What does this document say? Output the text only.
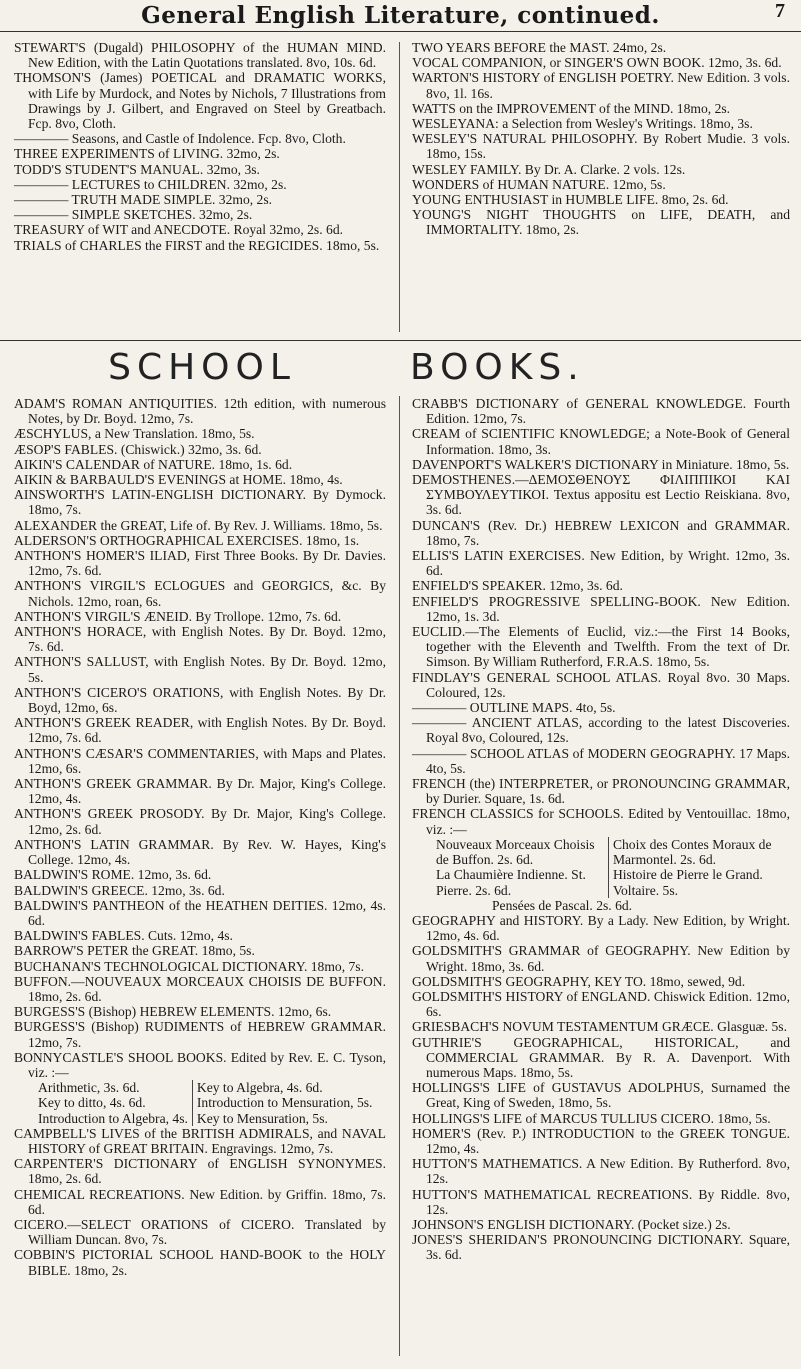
General English Literature, continued.	7

STEWART'S (Dugald) PHILOSOPHY of the HUMAN MIND. New Edition, with the Latin Quotations translated. 8vo, 10s. 6d.

THOMSON'S (James) POETICAL and DRAMATIC WORKS, with Life by Murdock, and Notes by Nichols, 7 Illustrations from Drawings by J. Gilbert, and Engraved on Steel by Greatbach. Fcp. 8vo, Cloth.

———— Seasons, and Castle of Indolence. Fcp. 8vo, Cloth.

THREE EXPERIMENTS of LIVING. 32mo, 2s.

TODD'S STUDENT'S MANUAL. 32mo, 3s.

———— LECTURES to CHILDREN. 32mo, 2s.

———— TRUTH MADE SIMPLE. 32mo, 2s.

———— SIMPLE SKETCHES. 32mo, 2s.

TREASURY of WIT and ANECDOTE. Royal 32mo, 2s. 6d.

TRIALS of CHARLES the FIRST and the REGICIDES. 18mo, 5s.

TWO YEARS BEFORE the MAST. 24mo, 2s.

VOCAL COMPANION, or SINGER'S OWN BOOK. 12mo, 3s. 6d.

WARTON'S HISTORY of ENGLISH POETRY. New Edition. 3 vols. 8vo, 1l. 16s.

WATTS on the IMPROVEMENT of the MIND. 18mo, 2s.

WESLEYANA: a Selection from Wesley's Writings. 18mo, 3s.

WESLEY'S NATURAL PHILOSOPHY. By Robert Mudie. 3 vols. 18mo, 15s.

WESLEY FAMILY. By Dr. A. Clarke. 2 vols. 12s.

WONDERS of HUMAN NATURE. 12mo, 5s.

YOUNG ENTHUSIAST in HUMBLE LIFE. 8mo, 2s. 6d.

YOUNG'S NIGHT THOUGHTS on LIFE, DEATH, and IMMORTALITY. 18mo, 2s.

SCHOOL	BOOKS.

ADAM'S ROMAN ANTIQUITIES. 12th edition, with numerous Notes, by Dr. Boyd. 12mo, 7s.

ÆSCHYLUS, a New Translation. 18mo, 5s.

ÆSOP'S FABLES. (Chiswick.) 32mo, 3s. 6d.

AIKIN'S CALENDAR of NATURE. 18mo, 1s. 6d.

AIKIN & BARBAULD'S EVENINGS at HOME. 18mo, 4s.

AINSWORTH'S LATIN-ENGLISH DICTIONARY. By Dymock. 18mo, 7s.

ALEXANDER the GREAT, Life of. By Rev. J. Williams. 18mo, 5s.

ALDERSON'S ORTHOGRAPHICAL EXERCISES. 18mo, 1s.

ANTHON'S HOMER'S ILIAD, First Three Books. By Dr. Davies. 12mo, 7s. 6d.

ANTHON'S VIRGIL'S ECLOGUES and GEORGICS, &c. By Nichols. 12mo, roan, 6s.

ANTHON'S VIRGIL'S ÆNEID. By Trollope. 12mo, 7s. 6d.

ANTHON'S HORACE, with English Notes. By Dr. Boyd. 12mo, 7s. 6d.

ANTHON'S SALLUST, with English Notes. By Dr. Boyd. 12mo, 5s.

ANTHON'S CICERO'S ORATIONS, with English Notes. By Dr. Boyd, 12mo, 6s.

ANTHON'S GREEK READER, with English Notes. By Dr. Boyd. 12mo, 7s. 6d.

ANTHON'S CÆSAR'S COMMENTARIES, with Maps and Plates. 12mo, 6s.

ANTHON'S GREEK GRAMMAR. By Dr. Major, King's College. 12mo, 4s.

ANTHON'S GREEK PROSODY. By Dr. Major, King's College. 12mo, 2s. 6d.

ANTHON'S LATIN GRAMMAR. By Rev. W. Hayes, King's College. 12mo, 4s.

BALDWIN'S ROME. 12mo, 3s. 6d.

BALDWIN'S GREECE. 12mo, 3s. 6d.

BALDWIN'S PANTHEON of the HEATHEN DEITIES. 12mo, 4s. 6d.

BALDWIN'S FABLES. Cuts. 12mo, 4s.

BARROW'S PETER the GREAT. 18mo, 5s.

BUCHANAN'S TECHNOLOGICAL DICTIONARY. 18mo, 7s.

BUFFON.—NOUVEAUX MORCEAUX CHOISIS DE BUFFON. 18mo, 2s. 6d.

BURGESS'S (Bishop) HEBREW ELEMENTS. 12mo, 6s.

BURGESS'S (Bishop) RUDIMENTS of HEBREW GRAMMAR. 12mo, 7s.

BONNYCASTLE'S SHOOL BOOKS. Edited by Rev. E. C. Tyson, viz. :—

Arithmetic, 3s. 6d.	Key to Algebra, 4s. 6d.
Key to ditto, 4s. 6d.	Introduction to Mensuration, 5s.
Introduction to Algebra, 4s.	Key to Mensuration, 5s.

CAMPBELL'S LIVES of the BRITISH ADMIRALS, and NAVAL HISTORY of GREAT BRITAIN. Engravings. 12mo, 7s.

CARPENTER'S DICTIONARY of ENGLISH SYNONYMES. 18mo, 2s. 6d.

CHEMICAL RECREATIONS. New Edition. by Griffin. 18mo, 7s. 6d.

CICERO.—SELECT ORATIONS of CICERO. Translated by William Duncan. 8vo, 7s.

COBBIN'S PICTORIAL SCHOOL HAND-BOOK to the HOLY BIBLE. 18mo, 2s.

CRABB'S DICTIONARY of GENERAL KNOWLEDGE. Fourth Edition. 12mo, 7s.

CREAM of SCIENTIFIC KNOWLEDGE; a Note-Book of General Information. 18mo, 3s.

DAVENPORT'S WALKER'S DICTIONARY in Miniature. 18mo, 5s.

DEMOSTHENES.—ΔΕΜΟΣΘΕΝΟΥΣ ΦΙΛΙΠΠΙΚΟΙ ΚΑΙ ΣΥΜΒΟΥΛΕΥΤΙΚΟΙ. Textus appositu est Lectio Reiskiana. 8vo, 3s. 6d.

DUNCAN'S (Rev. Dr.) HEBREW LEXICON and GRAMMAR. 18mo, 7s.

ELLIS'S LATIN EXERCISES. New Edition, by Wright. 12mo, 3s. 6d.

ENFIELD'S SPEAKER. 12mo, 3s. 6d.

ENFIELD'S PROGRESSIVE SPELLING-BOOK. New Edition. 12mo, 1s. 3d.

EUCLID.—The Elements of Euclid, viz.:—the First 14 Books, together with the Eleventh and Twelfth. From the text of Dr. Simson. By William Rutherford, F.R.A.S. 18mo, 5s.

FINDLAY'S GENERAL SCHOOL ATLAS. Royal 8vo. 30 Maps. Coloured, 12s.

———— OUTLINE MAPS. 4to, 5s.

———— ANCIENT ATLAS, according to the latest Discoveries. Royal 8vo, Coloured, 12s.

———— SCHOOL ATLAS of MODERN GEOGRAPHY. 17 Maps. 4to, 5s.

FRENCH (the) INTERPRETER, or PRONOUNCING GRAMMAR, by Durier. Square, 1s. 6d.

FRENCH CLASSICS for SCHOOLS. Edited by Ventouillac. 18mo, viz. :—

Nouveaux Morceaux Choisis de Buffon. 2s. 6d.	Choix des Contes Moraux de Marmontel. 2s. 6d.
La Chaumière Indienne. St. Pierre. 2s. 6d.	Histoire de Pierre le Grand. Voltaire. 5s.

Pensées de Pascal. 2s. 6d.

GEOGRAPHY and HISTORY. By a Lady. New Edition, by Wright. 12mo, 4s. 6d.

GOLDSMITH'S GRAMMAR of GEOGRAPHY. New Edition by Wright. 18mo, 3s. 6d.

GOLDSMITH'S GEOGRAPHY, KEY TO. 18mo, sewed, 9d.

GOLDSMITH'S HISTORY of ENGLAND. Chiswick Edition. 12mo, 6s.

GRIESBACH'S NOVUM TESTAMENTUM GRÆCE. Glasguæ. 5s.

GUTHRIE'S GEOGRAPHICAL, HISTORICAL, and COMMERCIAL GRAMMAR. By R. A. Davenport. With numerous Maps. 18mo, 5s.

HOLLINGS'S LIFE of GUSTAVUS ADOLPHUS, Surnamed the Great, King of Sweden, 18mo, 5s.

HOLLINGS'S LIFE of MARCUS TULLIUS CICERO. 18mo, 5s.

HOMER'S (Rev. P.) INTRODUCTION to the GREEK TONGUE. 12mo, 4s.

HUTTON'S MATHEMATICS. A New Edition. By Rutherford. 8vo, 12s.

HUTTON'S MATHEMATICAL RECREATIONS. By Riddle. 8vo, 12s.

JOHNSON'S ENGLISH DICTIONARY. (Pocket size.) 2s.

JONES'S SHERIDAN'S PRONOUNCING DICTIONARY. Square, 3s. 6d.
